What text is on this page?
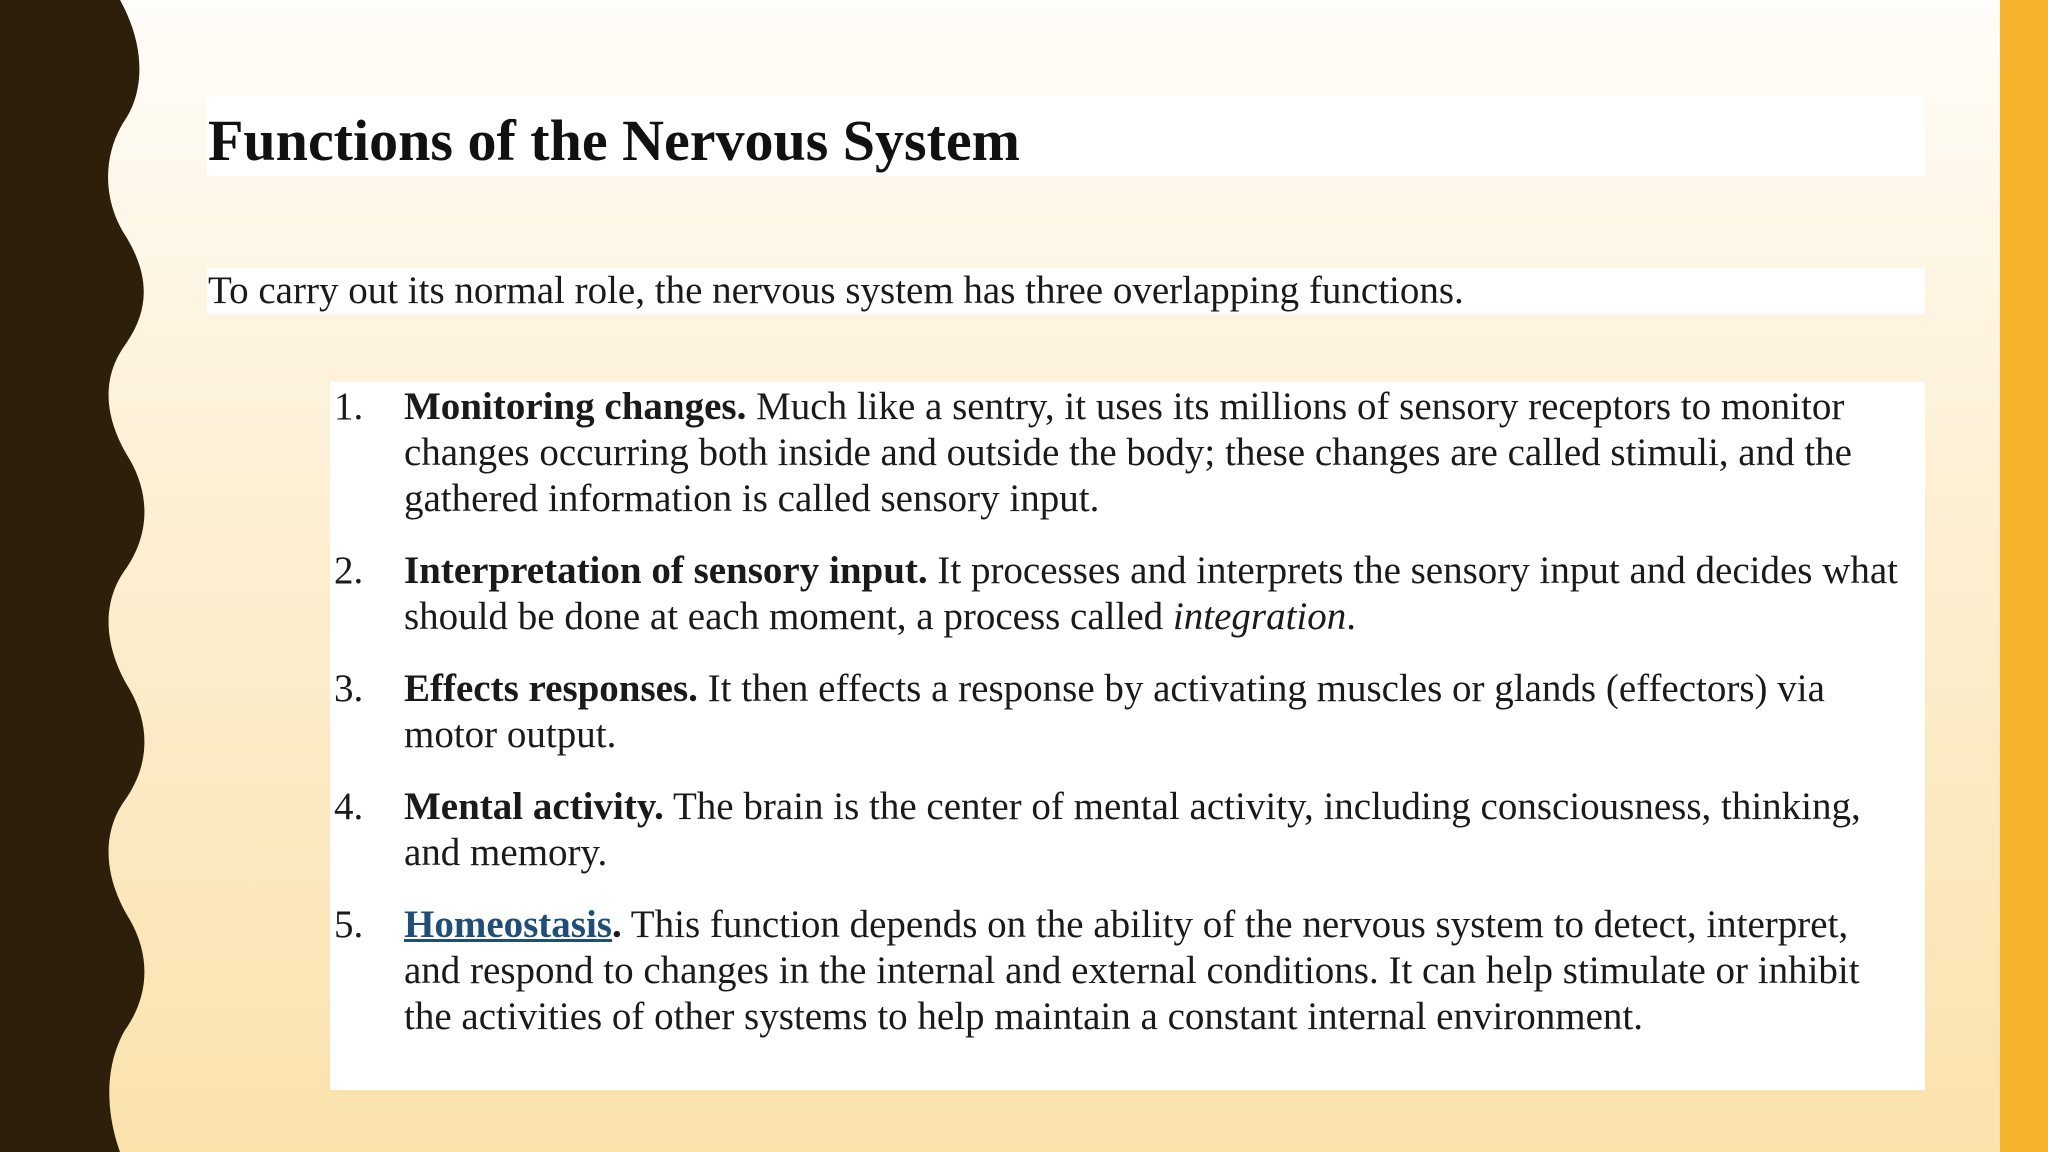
Functions of the Nervous System

To carry out its normal role, the nervous system has three overlapping functions.

1. Monitoring changes. Much like a sentry, it uses its millions of sensory receptors to monitor changes occurring both inside and outside the body; these changes are called stimuli, and the gathered information is called sensory input.
2. Interpretation of sensory input. It processes and interprets the sensory input and decides what should be done at each moment, a process called integration.
3. Effects responses. It then effects a response by activating muscles or glands (effectors) via motor output.
4. Mental activity. The brain is the center of mental activity, including consciousness, thinking, and memory.
5. Homeostasis. This function depends on the ability of the nervous system to detect, interpret, and respond to changes in the internal and external conditions. It can help stimulate or inhibit the activities of other systems to help maintain a constant internal environment.
